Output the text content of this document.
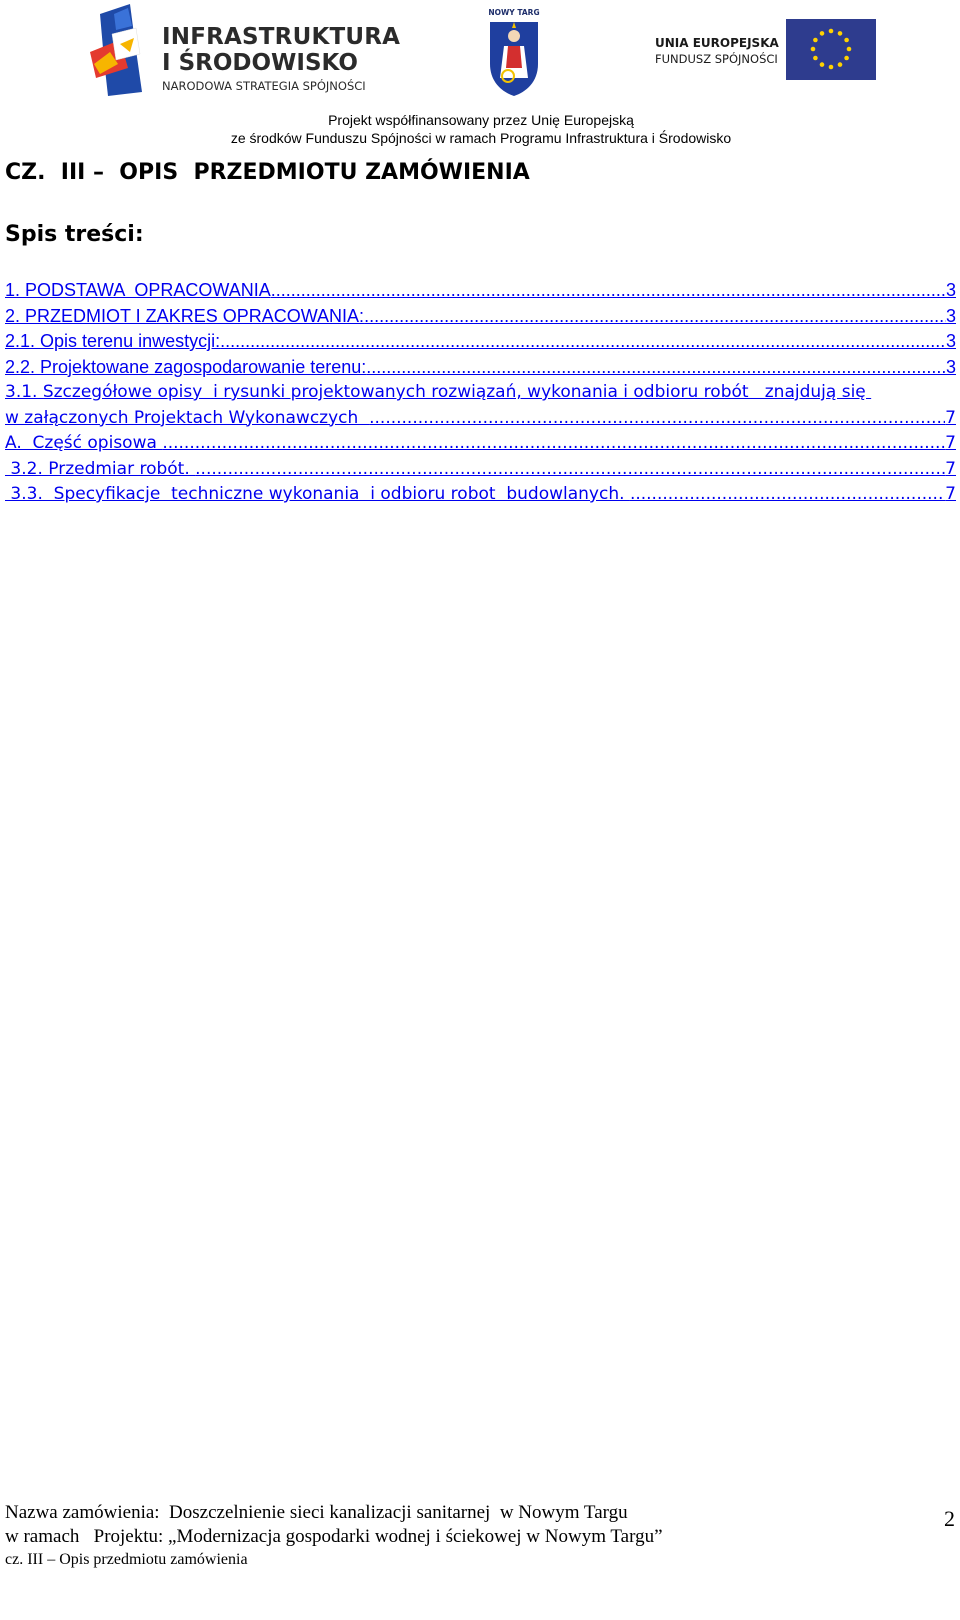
INFRASTRUKTURA
I ŚRODOWISKO
NARODOWA STRATEGIA SPÓJNOŚCI
NOWY TARG
UNIA EUROPEJSKA
FUNDUSZ SPÓJNOŚCI
Projekt współfinansowany przez Unię Europejską
ze środków Funduszu Spójności w ramach Programu Infrastruktura i Środowisko
CZ.  III –  OPIS  PRZEDMIOTU ZAMÓWIENIA
Spis treści:
1. PODSTAWA  OPRACOWANIA .....	3
2. PRZEDMIOT I ZAKRES OPRACOWANIA: .....	3
2.1. Opis terenu inwestycji: .....	3
2.2. Projektowane zagospodarowanie terenu: .....	3
3.1. Szczegółowe opisy  i rysunki projektowanych rozwiązań, wykonania i odbioru robót   znajdują się
w załączonych Projektach Wykonawczych .....	7
A.  Część opisowa .....	7
3.2. Przedmiar robót. .....	7
3.3.  Specyfikacje  techniczne wykonania  i odbioru robot  budowlanych. .....	7
Nazwa zamówienia:  Doszczelnienie sieci kanalizacji sanitarnej  w Nowym Targu
w ramach   Projektu: „Modernizacja gospodarki wodnej i ściekowej w Nowym Targu”
cz. III – Opis przedmiotu zamówienia
2
